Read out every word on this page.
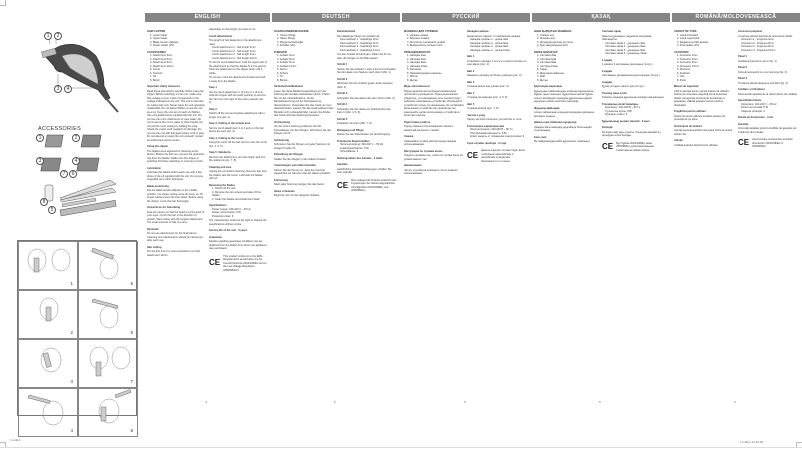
1	2
3	4
ACCESSORIES
1	2
3	4
7	6
8
5
1	5
2	6
3	7
4	8
1.indd 1
ENGLISH
HAIR CLIPPER
1. Lower blade
2. Upper blade
3. Blade tension adjuster
4. Power switch (I/O)
ACCESSORIES
1. Attachment 3mm
2. Attachment 6mm
3. Attachment 9mm
4. Attachment 12mm
5. Comb
6. Scissors
7. Oil
8. Brush
Important safety measures
Read these instructions carefully before using the clipper. Before switching on the unit, make sure that voltage of your mains corresponds to the voltage indicated on the unit. The unit is intended for cutting hair only. Never leave the unit operating unattended. Do not allow children to use the unit as a toy. Keep the unit out of reach of children. Use only attachments supplied with the unit. Do not use the unit in bathrooms or near water. Do not immerse the unit in water or other liquids. Do not pull the cord; unplug by holding the plug. Check the power cord regularly for damage. Do not use the unit with damaged power cord or plug. Do not attempt to repair the unit yourself; contact an authorized service center.
Using the clipper
The blades were adjusted for cleaning at the factory. Before the first use, remove the protective cap from the blades. Make sure the clipper is switched off before attaching or removing combs.
Lubrication
Lubricate the blades before each use with a few drops of the oil supplied with the unit. Do not use vegetable oil or other lubricants.
Blade positioning
Set the blade tension adjuster to the middle position. For closer cutting move the lever up; for longer cutting move the lever down. Before using the clipper, comb the hair thoroughly.
Instructions for haircutting
Seat the person so that the head is on the level of your eyes. Comb the hair in the direction of growth. Start cutting with the longest attachment. Cut small amounts of hair at a time.
Reminder
Do not use attachments for the final haircut. Cleaning and maintenance should be carried out after each use.
Hair cutting
For the first time it is recommended to cut with attachment 12mm.
depending on the length you want to cut.
Comb attachments
The length of hair depends on the attachment used.
Comb attachment 1 - hair length 3mm
Comb attachment 2 - hair length 6mm
Comb attachment 3 - hair length 9mm
Comb attachment 4 - hair length 12mm
To set the comb attachment, hold the upper part of the attachment so that the blades fit in the groove. Push the attachment to the clipper body until it clicks.
To remove, push the attachment forward and pull it away from the blades.
Step 1
Set the comb attachment 1 (3 mm) or 2 (6 mm). Hold the clipper with the teeth pointing up and cut the hair from the nape of the neck upwards (pic. 1).
Step 2
Switch off the unit and replace attachment with a longer one (pic. 2).
Step 3. Cutting in the temple area
Set the comb attachment 3 or 4 and cut the hair above the ears (pic. 3).
Step 4. Cutting at the crown
Using the comb, lift the hair and cut over the comb (pic. 4, 5, 6).
Step 5. Sideburns
Remove the attachment, turn the clipper and trim the sideburns (pic. 7, 8).
Cleaning and care
Unplug the unit before cleaning. Remove hair from the blades with the brush. Lubricate the blades with oil.
Removing the blades
1. Switch off the unit.
2. Remove the two screws and take off the blades.
3. Clean the blades and install them back.
Specifications
Power supply: 220-240 V ~ 50 Hz
Power consumption: 8 W
Protection class: II
The manufacturer reserves the right to change the specifications without notice.
Service life of the unit - 3 years
Guarantee
Details regarding guarantee conditions can be obtained from the dealer from whom the appliance was purchased.
CE
This product conforms to the EMC-Requirements as laid down by the Council Directive 2004/108/EC and to the Low Voltage Regulation (2006/95/EC).
3
DEUTSCH
HAARSCHNEIDEMASCHINE
1. Untere Klinge
2. Obere Klinge
3. Klingenverstellregler
4. Schalter (I/O)
ZUBEHÖR
1. Aufsatz 3mm
2. Aufsatz 6mm
3. Aufsatz 9mm
4. Aufsatz 12mm
5. Kamm
6. Schere
7. Öl
8. Bürste
Sicherheitsmaßnahmen
Lesen Sie diese Bedienungsanleitung vor der Nutzung des Gerätes aufmerksam durch. Prüfen Sie vor der Inbetriebnahme, ob die Betriebsspannung mit der Netzspannung übereinstimmt. Verwenden Sie das Gerät nur zum Haarschneiden. Lassen Sie das Gerät während des Betriebs nicht unbeaufsichtigt. Lassen Sie Kinder das Gerät nicht als Spielzeug benutzen.
Vorbereitung
Vor der ersten Nutzung entfernen Sie die Schutzkappe von den Klingen. Schmieren Sie die Klingen mit Öl.
Schmierung
Schmieren Sie die Klingen vor jeder Nutzung mit einigen Tropfen Öl.
Einstellung der Klingen
Stellen Sie den Regler in die mittlere Position.
Anweisungen zum Haarschneiden
Setzen Sie die Person so, dass der Kopf auf Augenhöhe ist. Kämmen Sie die Haare gründlich.
Erinnerung
Nach jeder Nutzung reinigen Sie das Gerät.
Haare schneiden
Beginnen Sie mit dem längsten Aufsatz.
Kammaufsätze
Die Haarlänge hängt vom Aufsatz ab.
Kammaufsatz 1 - Haarlänge 3mm
Kammaufsatz 2 - Haarlänge 6mm
Kammaufsatz 3 - Haarlänge 9mm
Kammaufsatz 4 - Haarlänge 12mm
Um den Aufsatz anzubringen, halten Sie ihn so, dass die Klingen in die Rille passen.
Schritt 1
Setzen Sie den Aufsatz 1 oder 2 auf und schneiden Sie die Haare vom Nacken nach oben (Abb. 1).
Schritt 2
Wechseln Sie den Aufsatz gegen einen längeren (Abb. 2).
Schritt 3
Schneiden Sie die Haare über den Ohren (Abb. 3).
Schritt 4
Schneiden Sie die Haare am Scheitel über den Kamm (Abb. 4, 5, 6).
Schritt 5
Koteletten trimmen (Abb. 7, 8).
Reinigung und Pflege
Ziehen Sie den Netzstecker vor der Reinigung.
Technische Eigenschaften
Stromversorgung: 220-240 V ~ 50 Hz
Leistungsaufnahme: 8 W
Schutzklasse: II
Nutzungsdauer des Gerätes - 3 Jahre
Garantie
Ausführliche Garantiebedingungen erhalten Sie beim Händler.
CE
Das vorliegende Produkt entspricht den Forderungen der elektromagnetischen Verträglichkeit 2004/108/EC und 2006/95/EC.
5
РУССКИЙ
МАШИНКА ДЛЯ СТРИЖКИ
1. Нижнее лезвие
2. Верхнее лезвие
3. Регулятор положения лезвий
4. Выключатель питания (I/O)
ПРИНАДЛЕЖНОСТИ
1. Насадка 3мм
2. Насадка 6мм
3. Насадка 9мм
4. Насадка 12мм
5. Расческа
6. Парикмахерские ножницы
7. Масло
8. Щетка
Меры безопасности
Перед началом эксплуатации внимательно прочитайте руководство. Перед включением убедитесь, что напряжение сети соответствует рабочему напряжению устройства. Используйте устройство только по назначению. Не оставляйте включенное устройство без присмотра. Не разрешайте детям использовать устройство в качестве игрушки.
Подготовка к работе
Перед первым использованием снимите защитный колпачок с лезвий.
Смазка
Смазывайте лезвия маслом перед каждым использованием.
Инструкция по стрижке волос
Усадите человека так, чтобы его голова была на уровне ваших глаз.
Напоминание
Чистку устройства проводите после каждого использования.
Насадка-гребень
Длина волос зависит от выбранной насадки.
Насадка-гребень 1 - длина 3мм
Насадка-гребень 2 - длина 6мм
Насадка-гребень 3 - длина 9мм
Насадка-гребень 4 - длина 12мм
Шаг 1
Установите насадку 1 или 2 и стригите волосы от шеи вверх (рис. 1).
Шаг 2
Замените насадку на более длинную (рис. 2).
Шаг 3
Стрижка волос над ушами (рис. 3).
Шаг 4
Стрижка на макушке (рис. 4, 5, 6).
Шаг 5
Стрижка висков (рис. 7, 8).
Чистка и уход
Перед чисткой отключите устройство от сети.
Технические характеристики
Электропитание: 220-240 В ~ 50 Гц
Потребляемая мощность: 8 Вт
Класс защиты от поражения электротоком: II
Срок службы прибора - 3 года
CE
Данное изделие соответствует всем требуемым европейским и российским стандартам безопасности и гигиены.
6
ҚАЗАҚ
ШАШ ҚЫРҚАТЫН МАШИНКА
1. Төменгі жүз
2. Жоғарғы жүз
3. Жүздердің қалпын реттегіш
4. Қуат ажыратқышы (I/O)
КЕРЕК-ЖАРАҚТАР
1. Саптама 3мм
2. Саптама 6мм
3. Саптама 9мм
4. Саптама 12мм
5. Тарақ
6. Шаштараз қайшысы
7. Май
8. Щетка
Қауіпсіздік шаралары
Құрылғыны пайдаланудың алдында нұсқаулықты мұқият оқып шығыңыз. Құрылғыны қоспас бұрын электр желісіндегі кернеудің құрылғының жұмыс кернеуіне сәйкес келетінін тексеріңіз.
Жұмысқа дайындау
Алғаш пайдаланар алдында жүздерден қорғағыш қалпақты алыңыз.
Шашты қию бойынша нұсқаулар
Адамды басы көзіңіздің деңгейінде болатындай отырғызыңыз.
Еске салу
Әр пайдаланудан кейін құрылғыны тазалаңыз.
Саптама-тарақ
Шаштың ұзындығы таңдалған саптамаға байланысты.
Саптама-тарақ 1 - ұзындығы 3мм
Саптама-тарақ 2 - ұзындығы 6мм
Саптама-тарақ 3 - ұзындығы 9мм
Саптама-тарақ 4 - ұзындығы 12мм
1-қадам
1 немесе 2 саптаманы орнатыңыз (1-сур.).
2-қадам
Саптаманы ұзынырағына ауыстырыңыз (2-сур.).
3-қадам
Құлақ үстіндегі шашты қию (3-сур.).
Тазалау және күтім
Тазалау алдында құрылғыны желіден ажыратыңыз.
Техникалық сипаттамалары
Қоректену: 220-240 В ~ 50 Гц
Тұтынатын қуаты: 8 Вт
Қорғаныс класы: II
Құрылғының қызмет мерзімі - 3 жыл
Кепілдік
Кепілдік шарттары туралы толығырақ ақпаратты дилерден алуға болады.
CE Бұл бұйым 2004/108/EC және 2006/95/EC директиваларының талаптарына сәйкес келеді.
8
ROMÂNĂ/MOLDOVENEASCĂ
APARAT DE TUNS
1. Lamă inferioară
2. Lamă superioară
3. Reglarea poziției lamelor
4. Întrerupător (I/O)
ACCESORII
1. Accesoriu 3mm
2. Accesoriu 6mm
3. Accesoriu 9mm
4. Accesoriu 12mm
5. Pieptene
6. Foarfece
7. Ulei
8. Perie
Măsuri de siguranță
Citiți cu atenție acest manual înainte de utilizare. Înainte de conectare asigurați-vă că tensiunea rețelei corespunde tensiunii de funcționare a aparatului. Utilizați aparatul numai conform destinației.
Pregătirea pentru utilizare
Înainte de prima utilizare scoateți capacul de protecție de pe lame.
Instrucțiuni de tundere
Așezați persoana astfel încât capul să fie la nivelul ochilor dvs.
Atenție
Curățați aparatul după fiecare utilizare.
Accesoriu-pieptene
Lungimea părului depinde de accesoriul utilizat.
Accesoriu 1 - lungimea 3mm
Accesoriu 2 - lungimea 6mm
Accesoriu 3 - lungimea 9mm
Accesoriu 4 - lungimea 12mm
Pasul 1
Instalați accesoriul 1 sau 2 (fig. 1).
Pasul 2
Înlocuiți accesoriul cu unul mai lung (fig. 2).
Pasul 3
Tunderea părului deasupra urechilor (fig. 3).
Curățare și întreținere
Deconectați aparatul de la rețea înainte de curățare.
Specificații tehnice
Alimentare: 220-240 V ~ 50 Hz
Putere consumată: 8 W
Clasa de protecție: II
Durata de funcționare - 3 ani
Garanție
Informații detaliate privind condițiile de garanție pot fi obținute de la dealer.
CE Acest produs corespunde cerințelor directivelor 2004/108/EC și 2006/95/EC.
9
1.indd 2 14:22:30
